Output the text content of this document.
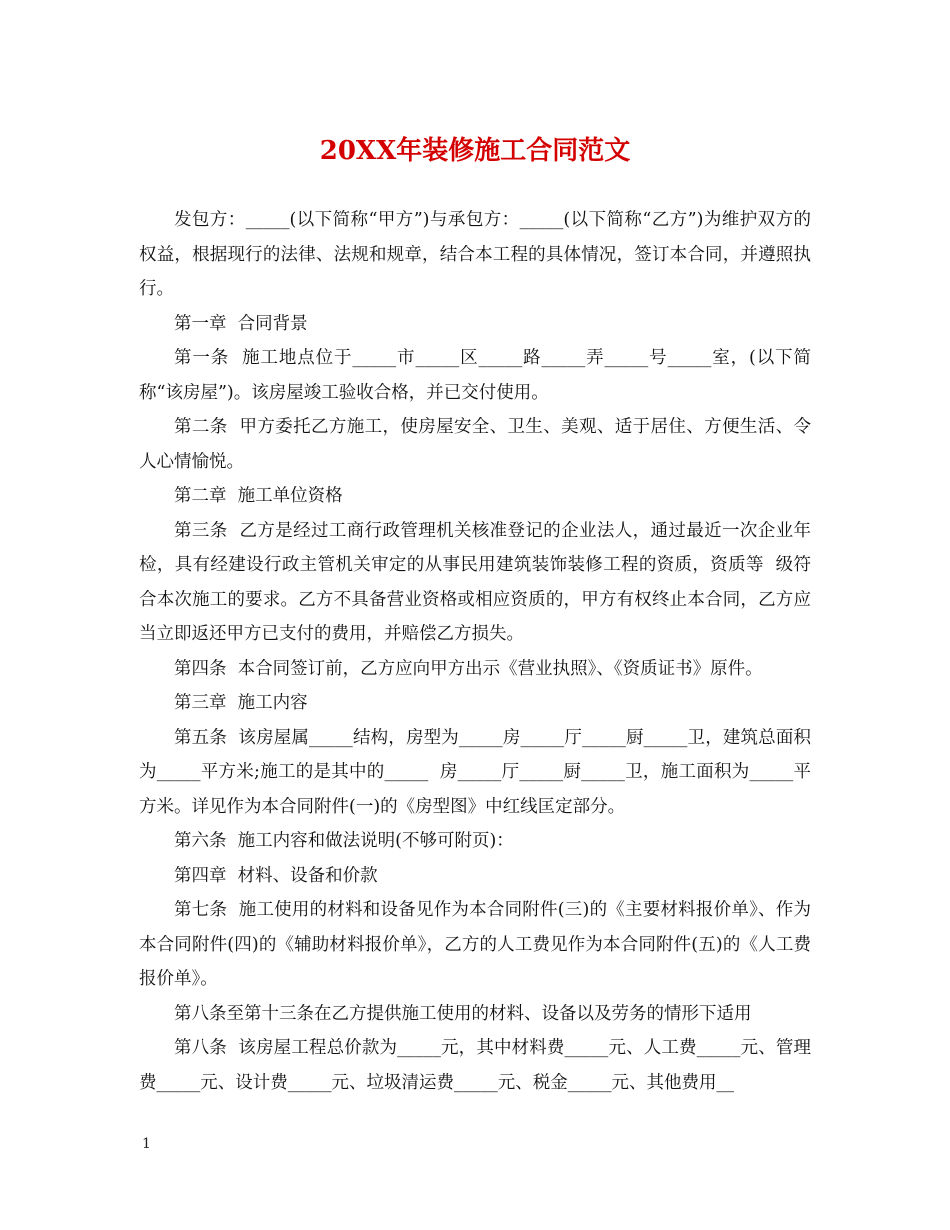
20XX年装修施工合同范文

发包方：_____(以下简称“甲方”)与承包方：_____(以下简称“乙方”)为维护双方的权益，根据现行的法律、法规和规章，结合本工程的具体情况，签订本合同，并遵照执行。

第一章  合同背景

第一条  施工地点位于_____市_____区_____路_____弄_____号_____室，(以下简称“该房屋”)。该房屋竣工验收合格，并已交付使用。

第二条  甲方委托乙方施工，使房屋安全、卫生、美观、适于居住、方便生活、令人心情愉悦。

第二章  施工单位资格

第三条  乙方是经过工商行政管理机关核准登记的企业法人，通过最近一次企业年检，具有经建设行政主管机关审定的从事民用建筑装饰装修工程的资质，资质等  级符合本次施工的要求。乙方不具备营业资格或相应资质的，甲方有权终止本合同，乙方应当立即返还甲方已支付的费用，并赔偿乙方损失。

第四条  本合同签订前，乙方应向甲方出示《营业执照》、《资质证书》原件。

第三章  施工内容

第五条  该房屋属_____结构，房型为_____房_____厅_____厨_____卫，建筑总面积为_____平方米;施工的是其中的_____  房_____厅_____厨_____卫，施工面积为_____平方米。详见作为本合同附件(一)的《房型图》中红线匡定部分。

第六条  施工内容和做法说明(不够可附页)：

第四章  材料、设备和价款

第七条  施工使用的材料和设备见作为本合同附件(三)的《主要材料报价单》、作为本合同附件(四)的《辅助材料报价单》，乙方的人工费见作为本合同附件(五)的《人工费报价单》。

第八条至第十三条在乙方提供施工使用的材料、设备以及劳务的情形下适用

第八条  该房屋工程总价款为_____元，其中材料费_____元、人工费_____元、管理费_____元、设计费_____元、垃圾清运费_____元、税金_____元、其他费用__

1
